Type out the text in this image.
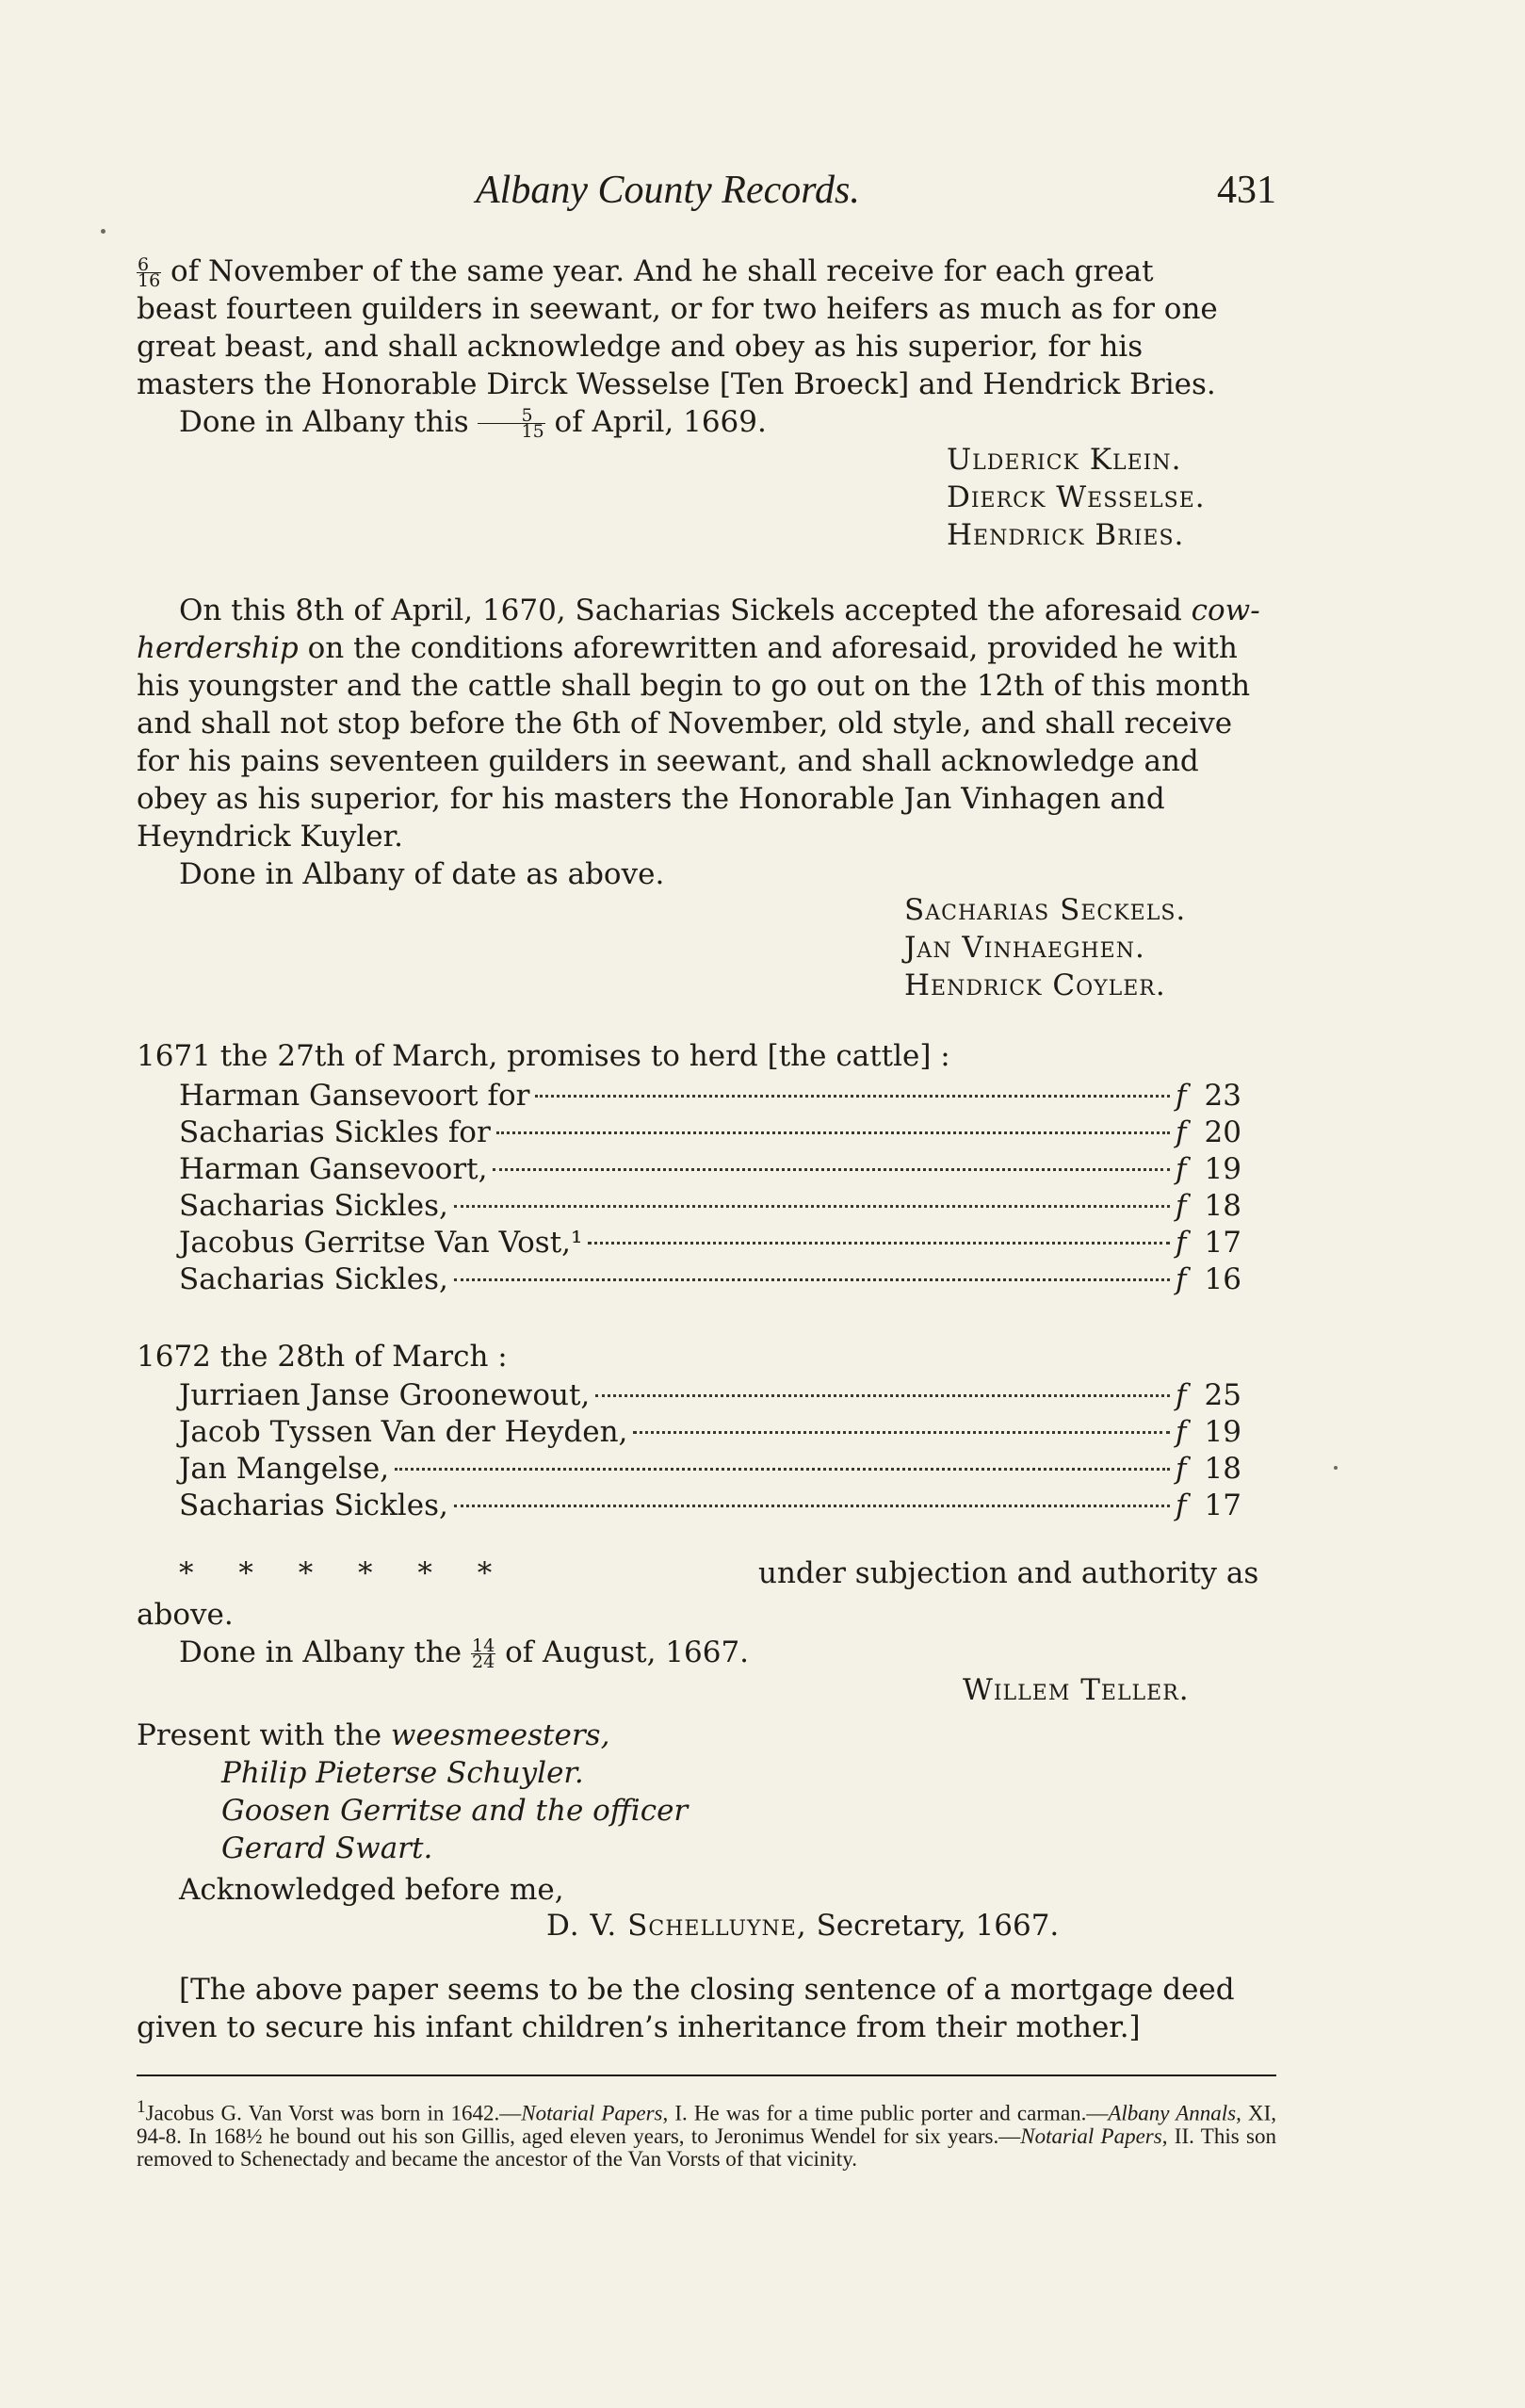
Albany County Records.	431

$\frac{6}{16}$ of November of the same year. And he shall receive for each great

beast fourteen guilders in seewant, or for two heifers as much as for one

great beast, and shall acknowledge and obey as his superior, for his

masters the Honorable Dirck Wesselse [Ten Broeck] and Hendrick Bries.

Done in Albany this $\frac{5}{15}$ of April, 1669.

Ulderick Klein.
Dierck Wesselse.
Hendrick Bries.

On this 8th of April, 1670, Sacharias Sickels accepted the aforesaid cow-

herdership on the conditions aforewritten and aforesaid, provided he with

his youngster and the cattle shall begin to go out on the 12th of this month

and shall not stop before the 6th of November, old style, and shall receive

for his pains seventeen guilders in seewant, and shall acknowledge and

obey as his superior, for his masters the Honorable Jan Vinhagen and

Heyndrick Kuyler.

Done in Albany of date as above.

Sacharias Seckels.
Jan Vinhaeghen.
Hendrick Coyler.
1671 the 27th of March, promises to herd [the cattle] :
Harman Gansevoort for	f 23
Sacharias Sickles for	f 20
Harman Gansevoort,	f 19
Sacharias Sickles,	f 18
Jacobus Gerritse Van Vost,¹	f 17
Sacharias Sickles,	f 16
1672 the 28th of March :
Jurriaen Janse Groonewout,	f 25
Jacob Tyssen Van der Heyden,	f 19
Jan Mangelse,	f 18
Sacharias Sickles,	f 17
* * * * * *	under subjection and authority as
above.
Done in Albany the $\frac{14}{24}$ of August, 1667.
Willem Teller.
Present with the weesmeesters,
Philip Pieterse Schuyler.
Goosen Gerritse and the officer
Gerard Swart.
Acknowledged before me,
D. V. Schelluyne, Secretary, 1667.

[The above paper seems to be the closing sentence of a mortgage deed

given to secure his infant children’s inheritance from their mother.]

$^1$Jacobus G. Van Vorst was born in 1642.—Notarial Papers, I. He was for a time public porter and carman.—Albany Annals, XI, 94-8. In 168½ he bound out his son Gillis, aged eleven years, to Jeronimus Wendel for six years.—Notarial Papers, II. This son removed to Schenectady and became the ancestor of the Van Vorsts of that vicinity.
